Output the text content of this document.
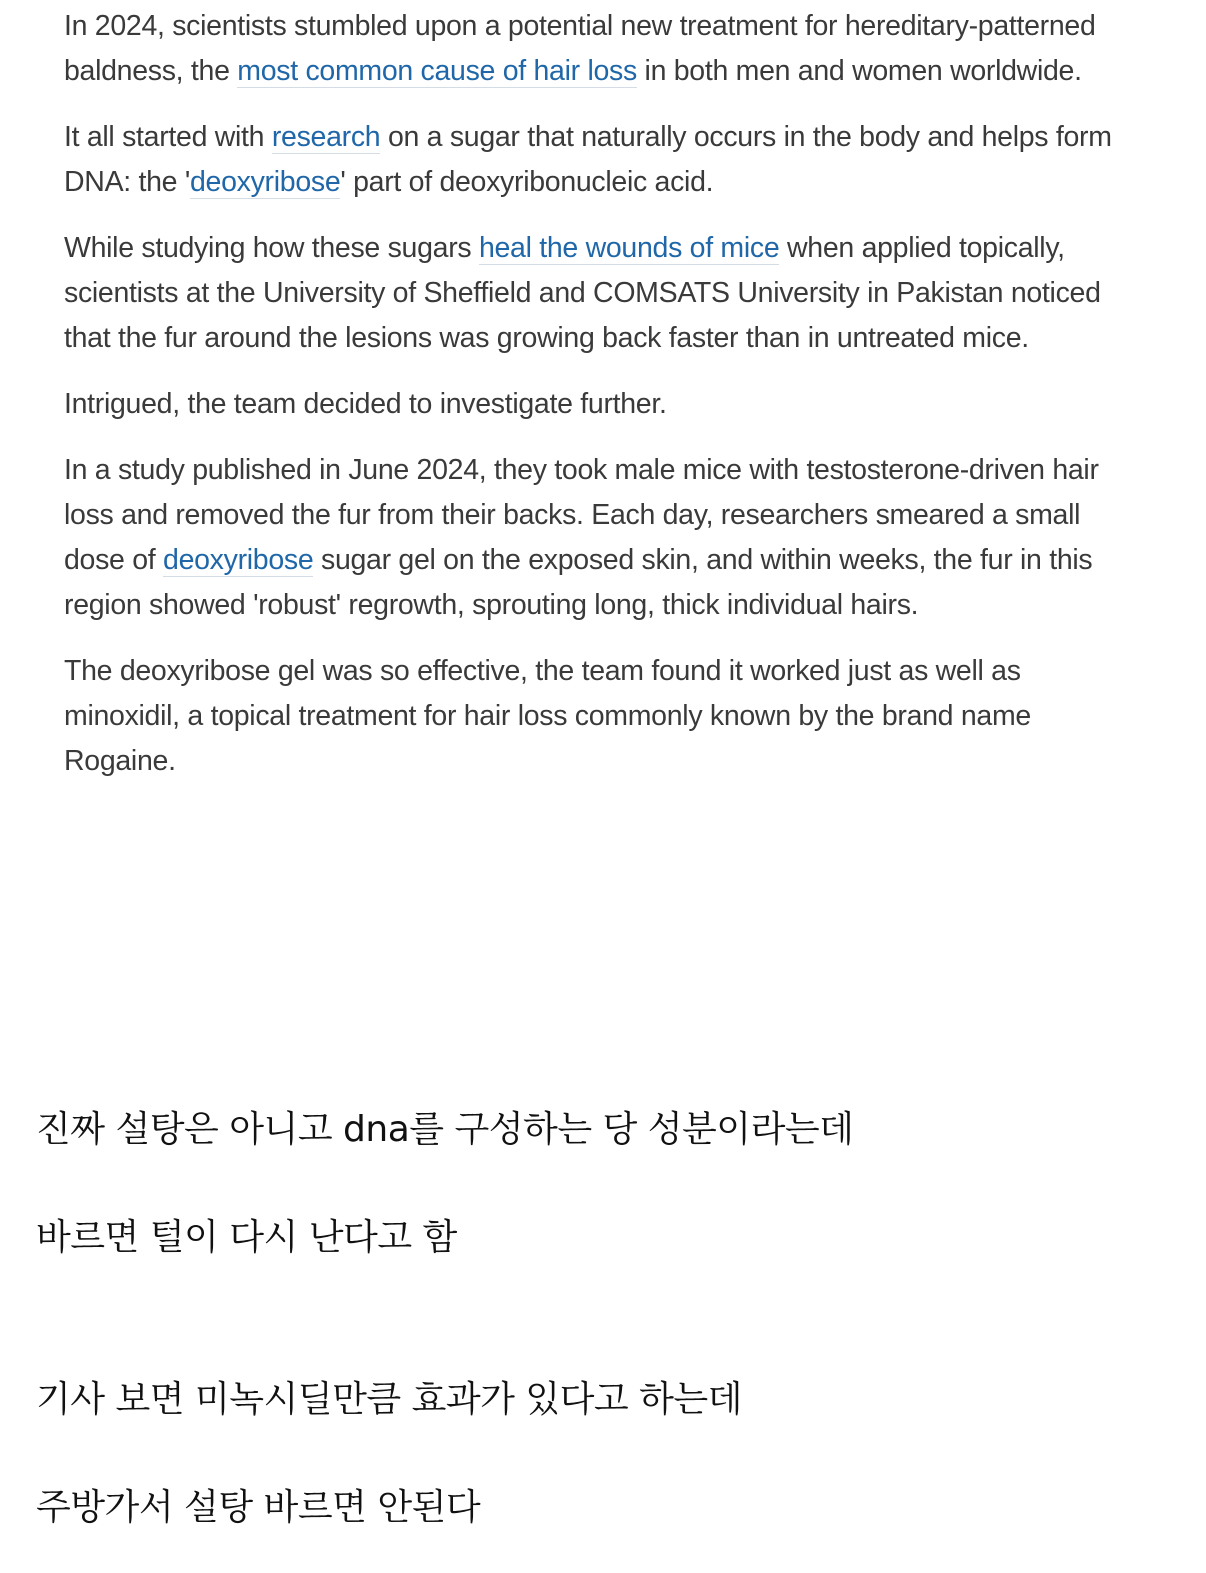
In 2024, scientists stumbled upon a potential new treatment for hereditary-patterned baldness, the most common cause of hair loss in both men and women worldwide.

It all started with research on a sugar that naturally occurs in the body and helps form DNA: the 'deoxyribose' part of deoxyribonucleic acid.

While studying how these sugars heal the wounds of mice when applied topically, scientists at the University of Sheffield and COMSATS University in Pakistan noticed that the fur around the lesions was growing back faster than in untreated mice.

Intrigued, the team decided to investigate further.

In a study published in June 2024, they took male mice with testosterone-driven hair loss and removed the fur from their backs. Each day, researchers smeared a small dose of deoxyribose sugar gel on the exposed skin, and within weeks, the fur in this region showed 'robust' regrowth, sprouting long, thick individual hairs.

The deoxyribose gel was so effective, the team found it worked just as well as minoxidil, a topical treatment for hair loss commonly known by the brand name Rogaine.

진짜 설탕은 아니고 dna를 구성하는 당 성분이라는데
바르면 털이 다시 난다고 함
기사 보면 미녹시딜만큼 효과가 있다고 하는데
주방가서 설탕 바르면 안된다
